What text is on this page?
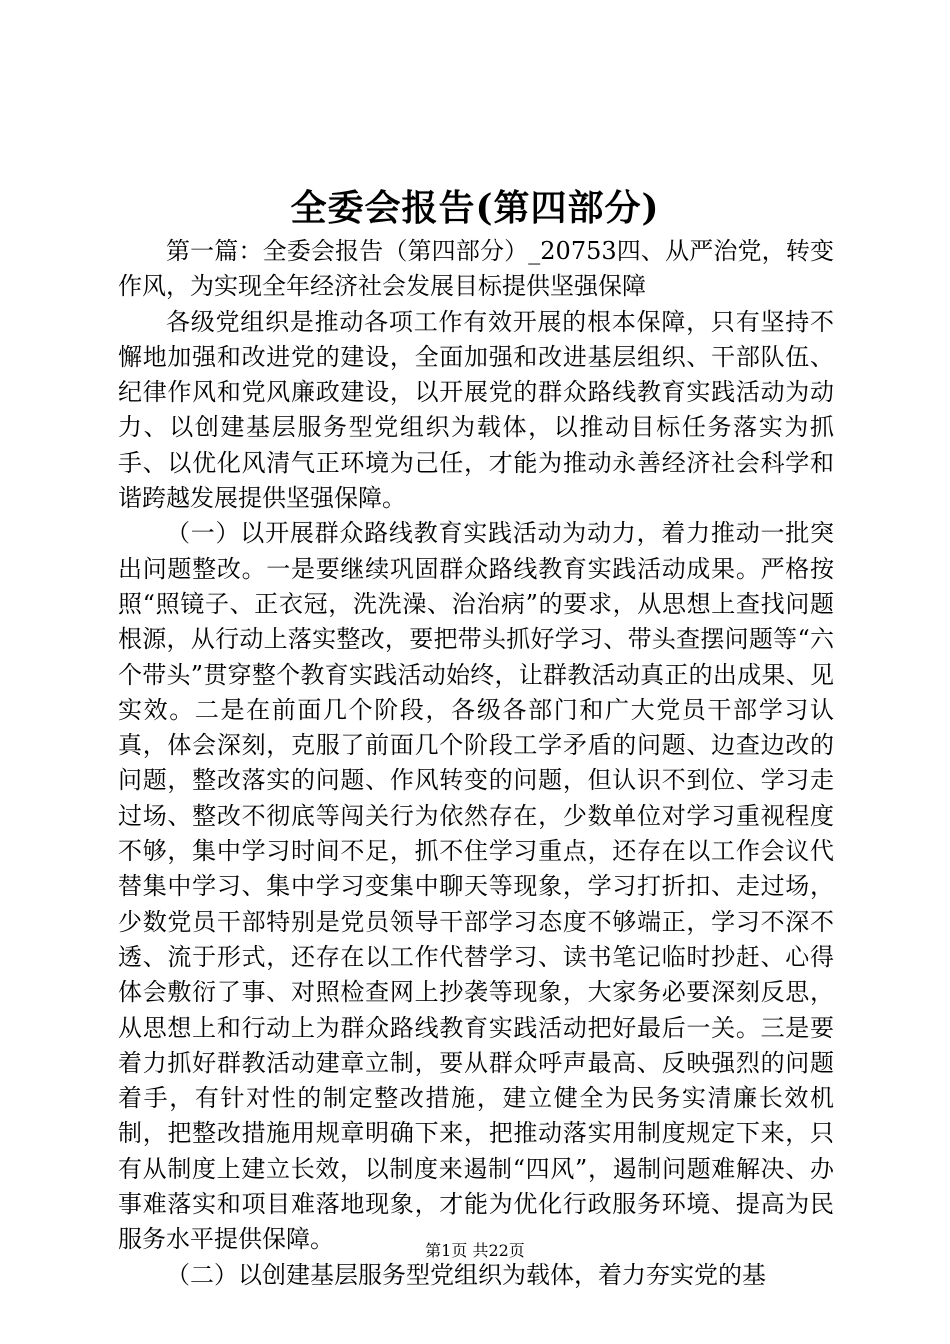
全委会报告(第四部分)

第一篇：全委会报告（第四部分）_20753四、从严治党，转变作风，为实现全年经济社会发展目标提供坚强保障

各级党组织是推动各项工作有效开展的根本保障，只有坚持不懈地加强和改进党的建设，全面加强和改进基层组织、干部队伍、纪律作风和党风廉政建设，以开展党的群众路线教育实践活动为动力、以创建基层服务型党组织为载体，以推动目标任务落实为抓手、以优化风清气正环境为己任，才能为推动永善经济社会科学和谐跨越发展提供坚强保障。

（一）以开展群众路线教育实践活动为动力，着力推动一批突出问题整改。一是要继续巩固群众路线教育实践活动成果。严格按照“照镜子、正衣冠，洗洗澡、治治病”的要求，从思想上查找问题根源，从行动上落实整改，要把带头抓好学习、带头查摆问题等“六个带头”贯穿整个教育实践活动始终，让群教活动真正的出成果、见实效。二是在前面几个阶段，各级各部门和广大党员干部学习认真，体会深刻，克服了前面几个阶段工学矛盾的问题、边查边改的问题，整改落实的问题、作风转变的问题，但认识不到位、学习走过场、整改不彻底等闯关行为依然存在，少数单位对学习重视程度不够，集中学习时间不足，抓不住学习重点，还存在以工作会议代替集中学习、集中学习变集中聊天等现象，学习打折扣、走过场，少数党员干部特别是党员领导干部学习态度不够端正，学习不深不透、流于形式，还存在以工作代替学习、读书笔记临时抄赶、心得体会敷衍了事、对照检查网上抄袭等现象，大家务必要深刻反思，从思想上和行动上为群众路线教育实践活动把好最后一关。三是要着力抓好群教活动建章立制，要从群众呼声最高、反映强烈的问题着手，有针对性的制定整改措施，建立健全为民务实清廉长效机制，把整改措施用规章明确下来，把推动落实用制度规定下来，只有从制度上建立长效，以制度来遏制“四风”，遏制问题难解决、办事难落实和项目难落地现象，才能为优化行政服务环境、提高为民服务水平提供保障。

（二）以创建基层服务型党组织为载体，着力夯实党的基

第1页 共22页
